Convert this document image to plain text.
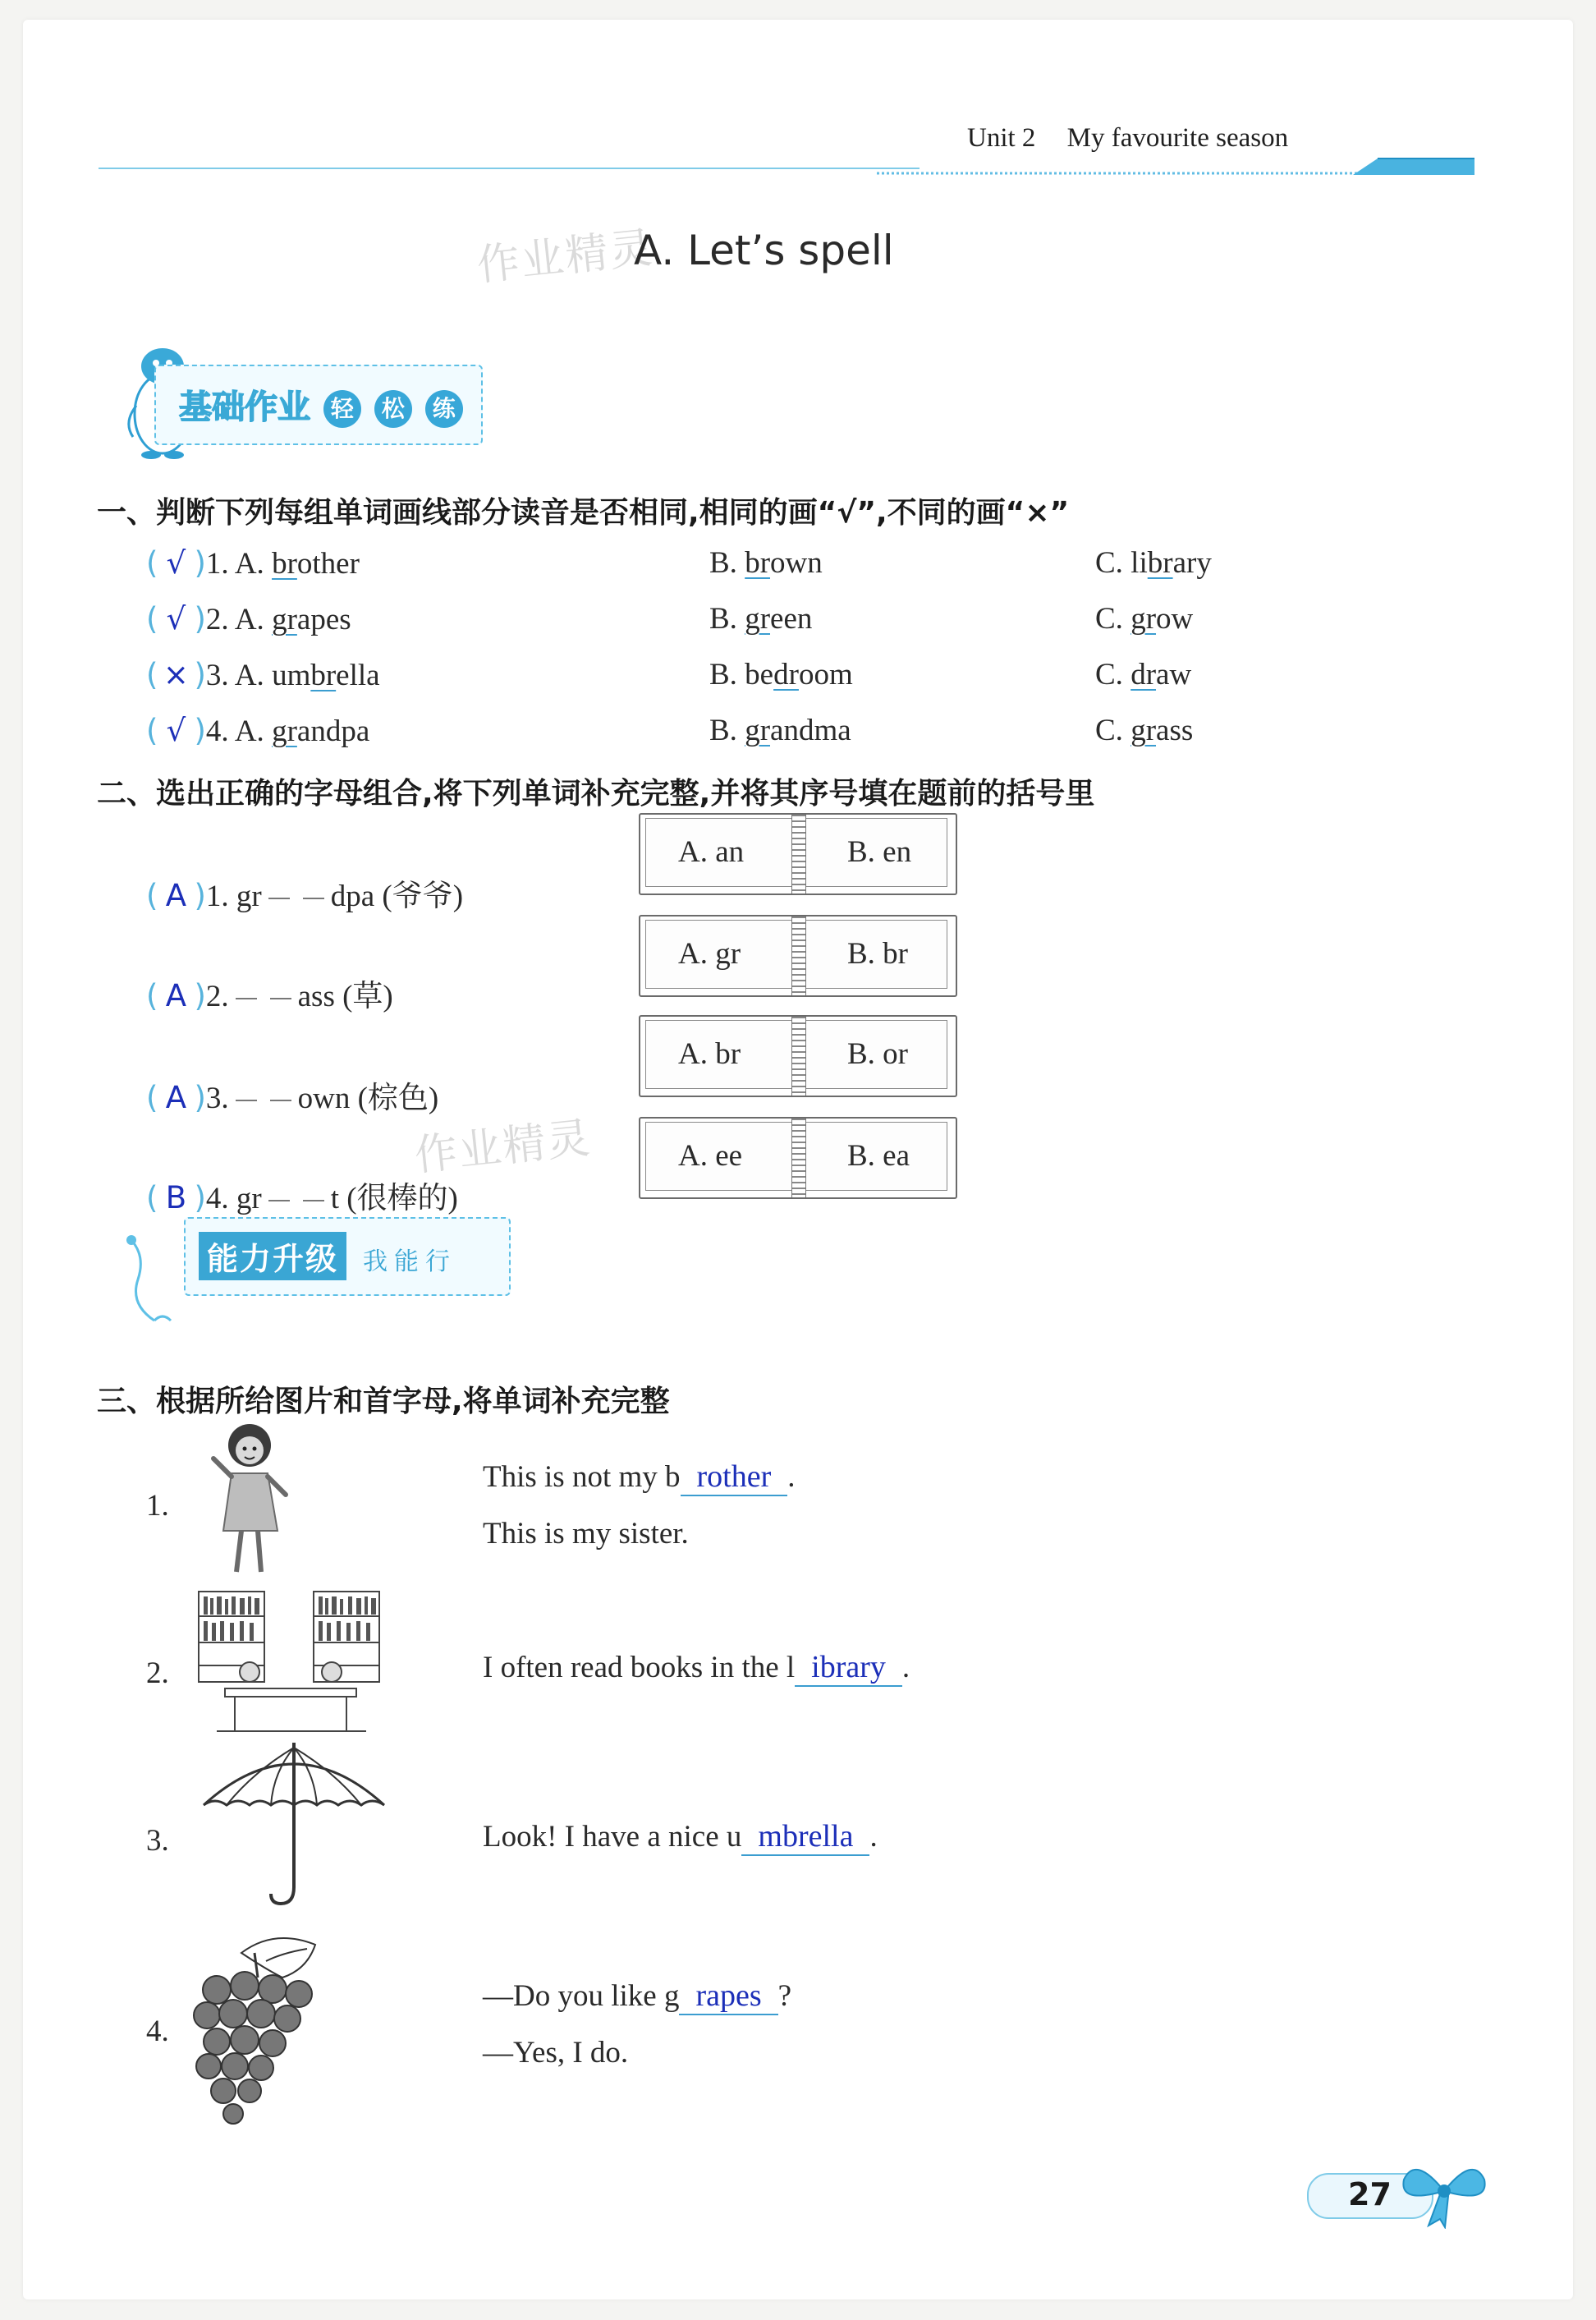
Unit 2 My favourite season
作业精灵
A. Let’s spell
基础作业 轻 松 练
一、判断下列每组单词画线部分读音是否相同,相同的画“√”,不同的画“×”
( √ )1. A. brother	B. brown	C. library
( √ )2. A. grapes	B. green	C. grow
( × )3. A. umbrella	B. bedroom	C. draw
( √ )4. A. grandpa	B. grandma	C. grass
二、选出正确的字母组合,将下列单词补充完整,并将其序号填在题前的括号里
( A )1. gr dpa (爷爷)
A. an	B. en
( A )2. ass (草)
A. gr	B. br
( A )3. own (棕色)
A. br	B. or
( B )4. gr t (很棒的)
A. ee	B. ea
作业精灵
能力升级 我能行
三、根据所给图片和首字母,将单词补充完整
1.
This is not my b rother .
This is my sister.
2.	I often read books in the l ibrary .
3.	Look! I have a nice u mbrella .
4.
—Do you like g rapes ?
—Yes, I do.
27
